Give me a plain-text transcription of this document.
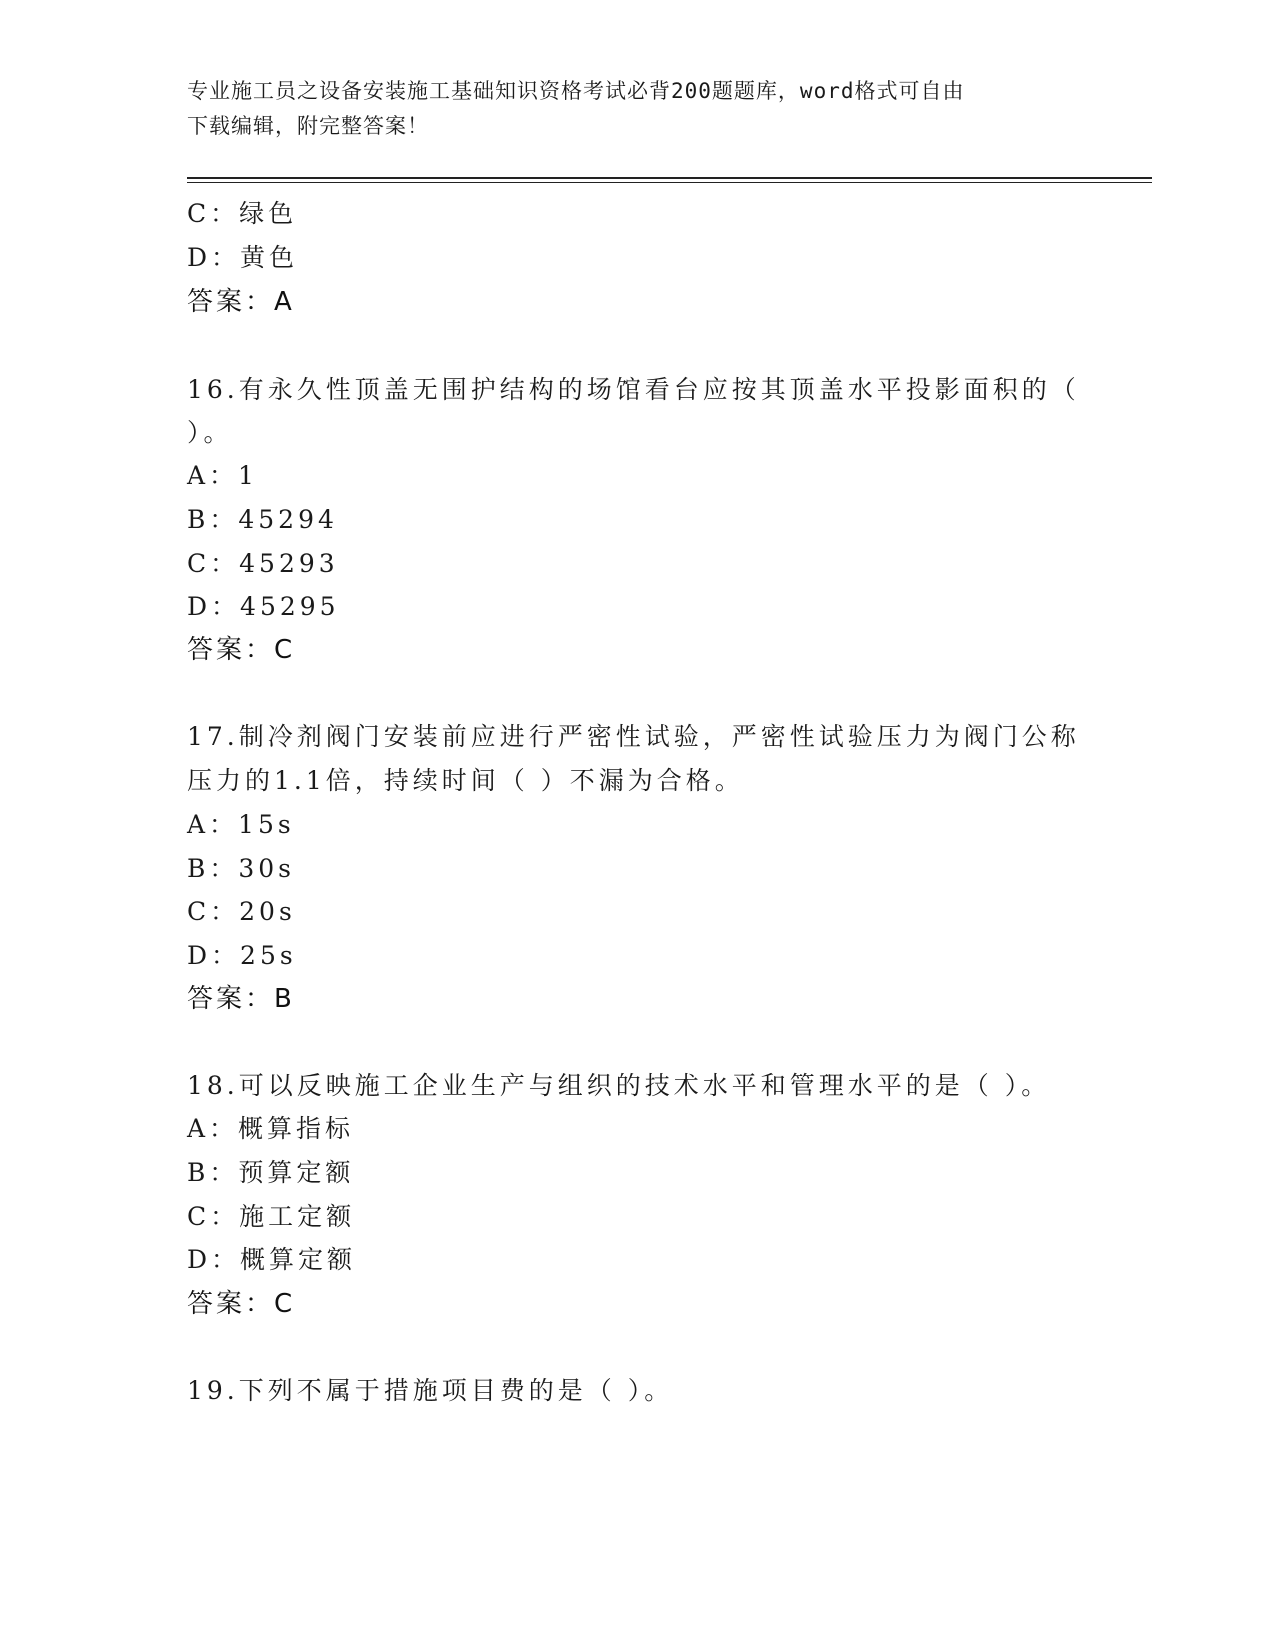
专业施工员之设备安装施工基础知识资格考试必背200题题库，word格式可自由
下载编辑，附完整答案！
C：绿色
D：黄色
答案：A
16.有永久性顶盖无围护结构的场馆看台应按其顶盖水平投影面积的（
）。
A：1
B：45294
C：45293
D：45295
答案：C
17.制冷剂阀门安装前应进行严密性试验，严密性试验压力为阀门公称
压力的1.1倍，持续时间（ ）不漏为合格。
A：15s
B：30s
C：20s
D：25s
答案：B
18.可以反映施工企业生产与组织的技术水平和管理水平的是（ ）。
A：概算指标
B：预算定额
C：施工定额
D：概算定额
答案：C
19.下列不属于措施项目费的是（ ）。
